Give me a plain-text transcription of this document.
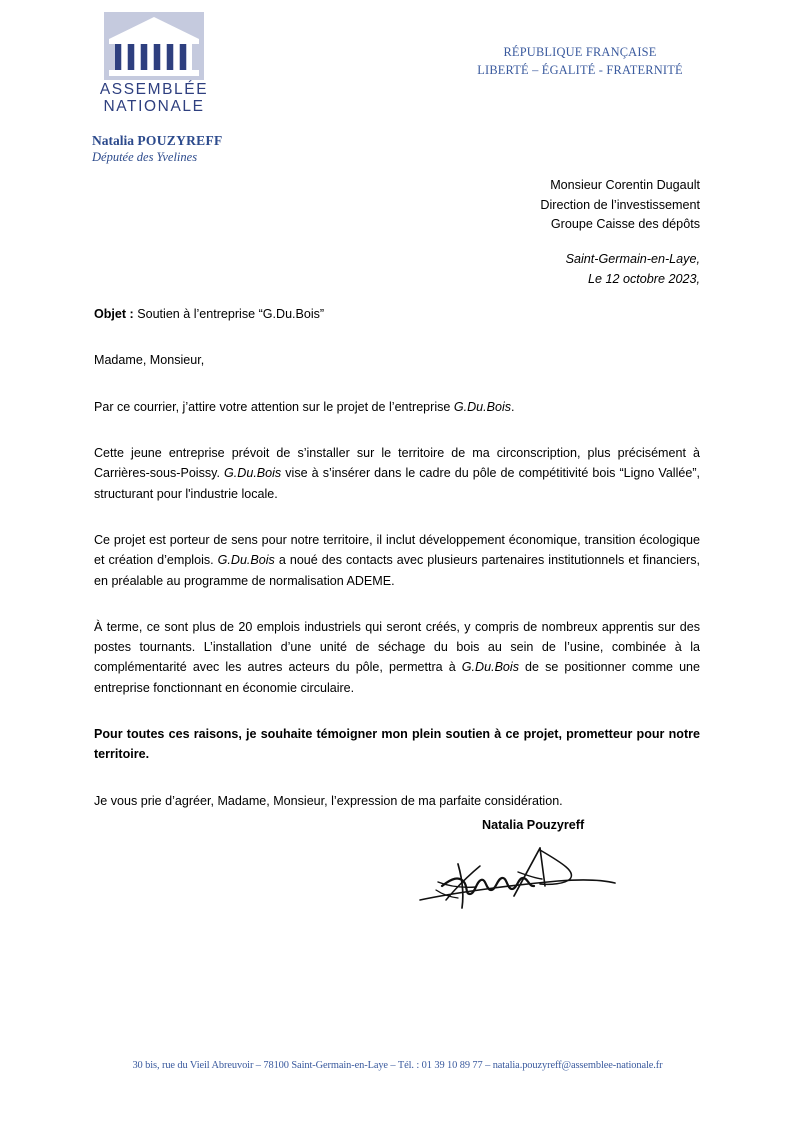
ASSEMBLÉE
NATIONALE
Natalia POUZYREFF
Députée des Yvelines
RÉPUBLIQUE FRANÇAISE
LIBERTÉ – ÉGALITÉ - FRATERNITÉ
Monsieur Corentin Dugault
Direction de l’investissement
Groupe Caisse des dépôts
Saint-Germain-en-Laye,
Le 12 octobre 2023,

Objet : Soutien à l’entreprise “G.Du.Bois”

Madame, Monsieur,

Par ce courrier, j’attire votre attention sur le projet de l’entreprise G.Du.Bois.

Cette jeune entreprise prévoit de s’installer sur le territoire de ma circonscription, plus précisément à Carrières-sous-Poissy. G.Du.Bois vise à s’insérer dans le cadre du pôle de compétitivité bois “Ligno Vallée”, structurant pour l'industrie locale.

Ce projet est porteur de sens pour notre territoire, il inclut développement économique, transition écologique et création d’emplois. G.Du.Bois a noué des contacts avec plusieurs partenaires institutionnels et financiers, en préalable au programme de normalisation ADEME.

À terme, ce sont plus de 20 emplois industriels qui seront créés, y compris de nombreux apprentis sur des postes tournants. L’installation d’une unité de séchage du bois au sein de l’usine, combinée à la complémentarité avec les autres acteurs du pôle, permettra à G.Du.Bois de se positionner comme une entreprise fonctionnant en économie circulaire.

Pour toutes ces raisons, je souhaite témoigner mon plein soutien à ce projet, prometteur pour notre territoire.

Je vous prie d’agréer, Madame, Monsieur, l’expression de ma parfaite considération.

Natalia Pouzyreff
30 bis, rue du Vieil Abreuvoir – 78100 Saint-Germain-en-Laye – Tél. : 01 39 10 89 77 – natalia.pouzyreff@assemblee-nationale.fr
